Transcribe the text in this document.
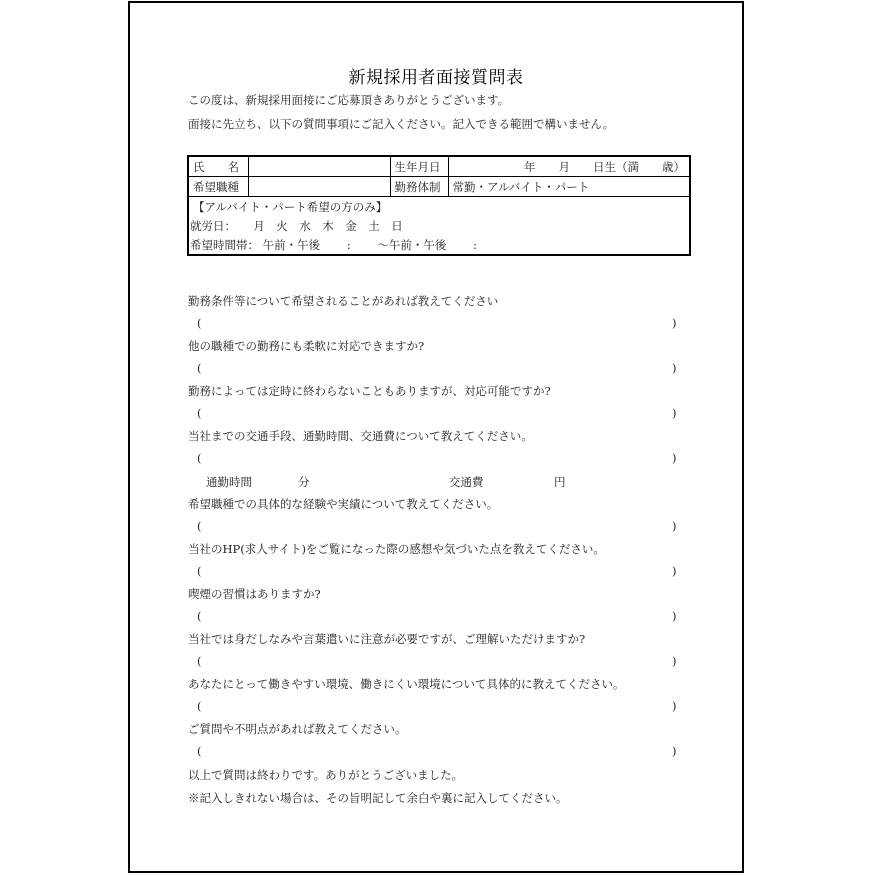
新規採用者面接質問表
この度は、新規採用面接にご応募頂きありがとうございます。
面接に先立ち、以下の質問事項にご記入ください。記入できる範囲で構いません。
氏　　名		生年月日	年　　月　　日生（満　　歳）
希望職種		勤務体制	常勤・アルバイト・パート
【アルバイト・パート希望の方のみ】			
就労日：　　月　火　水　木　金　土　日			
希望時間帯： 午前・午後　　 :　　 〜午前・午後　　 :			
勤務条件等について希望されることがあれば教えてください
(	)
他の職種での勤務にも柔軟に対応できますか?
(	)
勤務によっては定時に終わらないこともありますが、対応可能ですか?
(	)
当社までの交通手段、通勤時間、交通費について教えてください。
(	)
通勤時間	分	交通費	円
希望職種での具体的な経験や実績について教えてください。
(	)
当社のHP(求人サイト)をご覧になった際の感想や気づいた点を教えてください。
(	)
喫煙の習慣はありますか?
(	)
当社では身だしなみや言葉遣いに注意が必要ですが、ご理解いただけますか?
(	)
あなたにとって働きやすい環境、働きにくい環境について具体的に教えてください。
(	)
ご質問や不明点があれば教えてください。
(	)
以上で質問は終わりです。ありがとうございました。
※記入しきれない場合は、その旨明記して余白や裏に記入してください。
